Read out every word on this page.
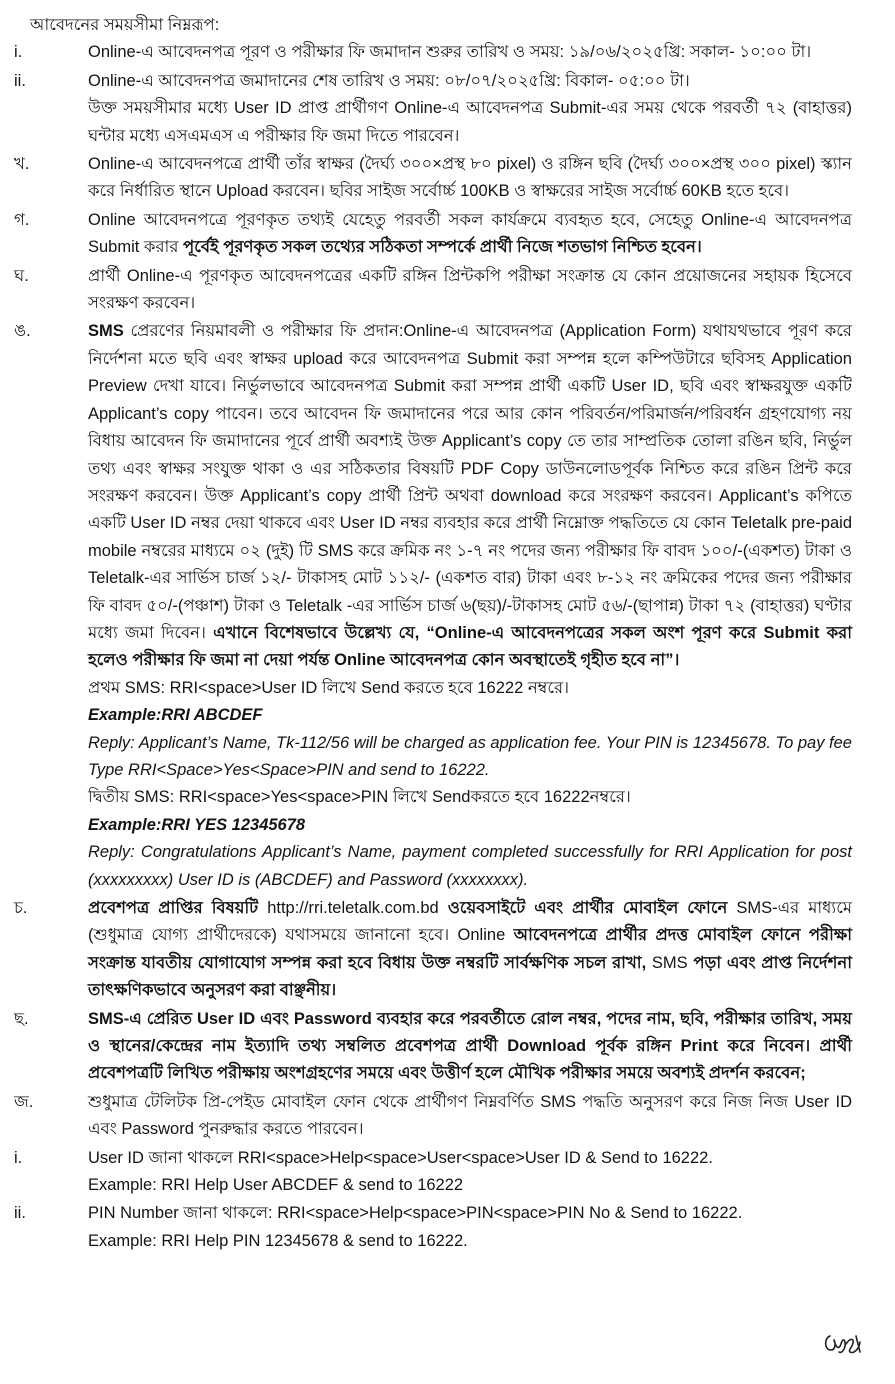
আবেদনের সময়সীমা নিম্নরূপ:
i.	Online-এ আবেদনপত্র পূরণ ও পরীক্ষার ফি জমাদান শুরুর তারিখ ও সময়: ১৯/০৬/২০২৫খ্রি: সকাল- ১০:০০ টা।

ii.	Online-এ আবেদনপত্র জমাদানের শেষ তারিখ ও সময়: ০৮/০৭/২০২৫খ্রি: বিকাল- ০৫:০০ টা।

উক্ত সময়সীমার মধ্যে User ID প্রাপ্ত প্রার্থীগণ Online-এ আবেদনপত্র Submit-এর সময় থেকে পরবর্তী ৭২ (বাহাত্তর) ঘন্টার মধ্যে এসএমএস এ পরীক্ষার ফি জমা দিতে পারবেন।

খ.	Online-এ আবেদনপত্রে প্রার্থী তাঁর স্বাক্ষর (দৈর্ঘ্য ৩০০×প্রস্থ ৮০ pixel) ও রঙ্গিন ছবি (দৈর্ঘ্য ৩০০×প্রস্থ ৩০০ pixel) স্ক্যান করে নির্ধারিত স্থানে Upload করবেন। ছবির সাইজ সর্বোর্চ্চ 100KB ও স্বাক্ষরের সাইজ সর্বোর্চ্চ 60KB হতে হবে।

গ.	Online আবেদনপত্রে পূরণকৃত তথ্যই যেহেতু পরবর্তী সকল কার্যক্রমে ব্যবহৃত হবে, সেহেতু Online-এ আবেদনপত্র Submit করার পূর্বেই পূরণকৃত সকল তথ্যের সঠিকতা সম্পর্কে প্রার্থী নিজে শতভাগ নিশ্চিত হবেন।

ঘ.	প্রার্থী Online-এ পূরণকৃত আবেদনপত্রের একটি রঙ্গিন প্রিন্টকপি পরীক্ষা সংক্রান্ত যে কোন প্রয়োজনের সহায়ক হিসেবে সংরক্ষণ করবেন।

ঙ.	SMS প্রেরণের নিয়মাবলী ও পরীক্ষার ফি প্রদান:Online-এ আবেদনপত্র (Application Form) যথাযথভাবে পূরণ করে নির্দেশনা মতে ছবি এবং স্বাক্ষর upload করে আবেদনপত্র Submit করা সম্পন্ন হলে কম্পিউটারে ছবিসহ Application Preview দেখা যাবে। নির্ভুলভাবে আবেদনপত্র Submit করা সম্পন্ন প্রার্থী একটি User ID, ছবি এবং স্বাক্ষরযুক্ত একটি Applicant’s copy পাবেন। তবে আবেদন ফি জমাদানের পরে আর কোন পরিবর্তন/পরিমার্জন/পরিবর্ধন গ্রহণযোগ্য নয় বিধায় আবেদন ফি জমাদানের পূর্বে প্রার্থী অবশ্যই উক্ত Applicant’s copy তে তার সাম্প্রতিক তোলা রঙিন ছবি, নির্ভুল তথ্য এবং স্বাক্ষর সংযুক্ত থাকা ও এর সঠিকতার বিষয়টি PDF Copy ডাউনলোডপূর্বক নিশ্চিত করে রঙিন প্রিন্ট করে সংরক্ষণ করবেন। উক্ত Applicant’s copy প্রার্থী প্রিন্ট অথবা download করে সংরক্ষণ করবেন। Applicant’s কপিতে একটি User ID নম্বর দেয়া থাকবে এবং User ID নম্বর ব্যবহার করে প্রার্থী নিম্নোক্ত পদ্ধতিতে যে কোন Teletalk pre-paid mobile নম্বরের মাধ্যমে ০২ (দুই) টি SMS করে ক্রমিক নং ১-৭ নং পদের জন্য পরীক্ষার ফি বাবদ ১০০/-(একশত) টাকা ও Teletalk-এর সার্ভিস চার্জ ১২/- টাকাসহ মোট ১১২/- (একশত বার) টাকা এবং ৮-১২ নং ক্রমিকের পদের জন্য পরীক্ষার ফি বাবদ ৫০/-(পঞ্চাশ) টাকা ও Teletalk -এর সার্ভিস চার্জ ৬(ছয়)/-টাকাসহ মোট ৫৬/-(ছাপান্ন) টাকা ৭২ (বাহাত্তর) ঘণ্টার মধ্যে জমা দিবেন। এখানে বিশেষভাবে উল্লেখ্য যে, “Online-এ আবেদনপত্রের সকল অংশ পূরণ করে Submit করা হলেও পরীক্ষার ফি জমা না দেয়া পর্যন্ত Online আবেদনপত্র কোন অবস্থাতেই গৃহীত হবে না”।

প্রথম SMS: RRI<space>User ID লিখে Send করতে হবে 16222 নম্বরে।

Example:RRI ABCDEF

Reply: Applicant’s Name, Tk-112/56 will be charged as application fee. Your PIN is 12345678. To pay fee Type RRI<Space>Yes<Space>PIN and send to 16222.

দ্বিতীয় SMS: RRI<space>Yes<space>PIN লিখে Sendকরতে হবে 16222নম্বরে।

Example:RRI YES 12345678

Reply: Congratulations Applicant’s Name, payment completed successfully for RRI Application for post (xxxxxxxxx) User ID is (ABCDEF) and Password (xxxxxxxx).

চ.	প্রবেশপত্র প্রাপ্তির বিষয়টি http://rri.teletalk.com.bd ওয়েবসাইটে এবং প্রার্থীর মোবাইল ফোনে SMS-এর মাধ্যমে (শুধুমাত্র যোগ্য প্রার্থীদেরকে) যথাসময়ে জানানো হবে। Online আবেদনপত্রে প্রার্থীর প্রদত্ত মোবাইল ফোনে পরীক্ষা সংক্রান্ত যাবতীয় যোগাযোগ সম্পন্ন করা হবে বিধায় উক্ত নম্বরটি সার্বক্ষণিক সচল রাখা, SMS পড়া এবং প্রাপ্ত নির্দেশনা তাৎক্ষণিকভাবে অনুসরণ করা বাঞ্ছনীয়।

ছ.	SMS-এ প্রেরিত User ID এবং Password ব্যবহার করে পরবর্তীতে রোল নম্বর, পদের নাম, ছবি, পরীক্ষার তারিখ, সময় ও স্থানের/কেন্দ্রের নাম ইত্যাদি তথ্য সম্বলিত প্রবেশপত্র প্রার্থী Download পূর্বক রঙ্গিন Print করে নিবেন। প্রার্থী প্রবেশপত্রটি লিখিত পরীক্ষায় অংশগ্রহণের সময়ে এবং উত্তীর্ণ হলে মৌখিক পরীক্ষার সময়ে অবশ্যই প্রদর্শন করবেন;

জ.	শুধুমাত্র টেলিটক প্রি-পেইড মোবাইল ফোন থেকে প্রার্থীগণ নিম্নবর্ণিত SMS পদ্ধতি অনুসরণ করে নিজ নিজ User ID এবং Password পুনরুদ্ধার করতে পারবেন।

i.	User ID জানা থাকলে RRI<space>Help<space>User<space>User ID & Send to 16222.

Example: RRI Help User ABCDEF & send to 16222

ii.	PIN Number জানা থাকলে: RRI<space>Help<space>PIN<space>PIN No & Send to 16222.

Example: RRI Help PIN 12345678 & send to 16222.
